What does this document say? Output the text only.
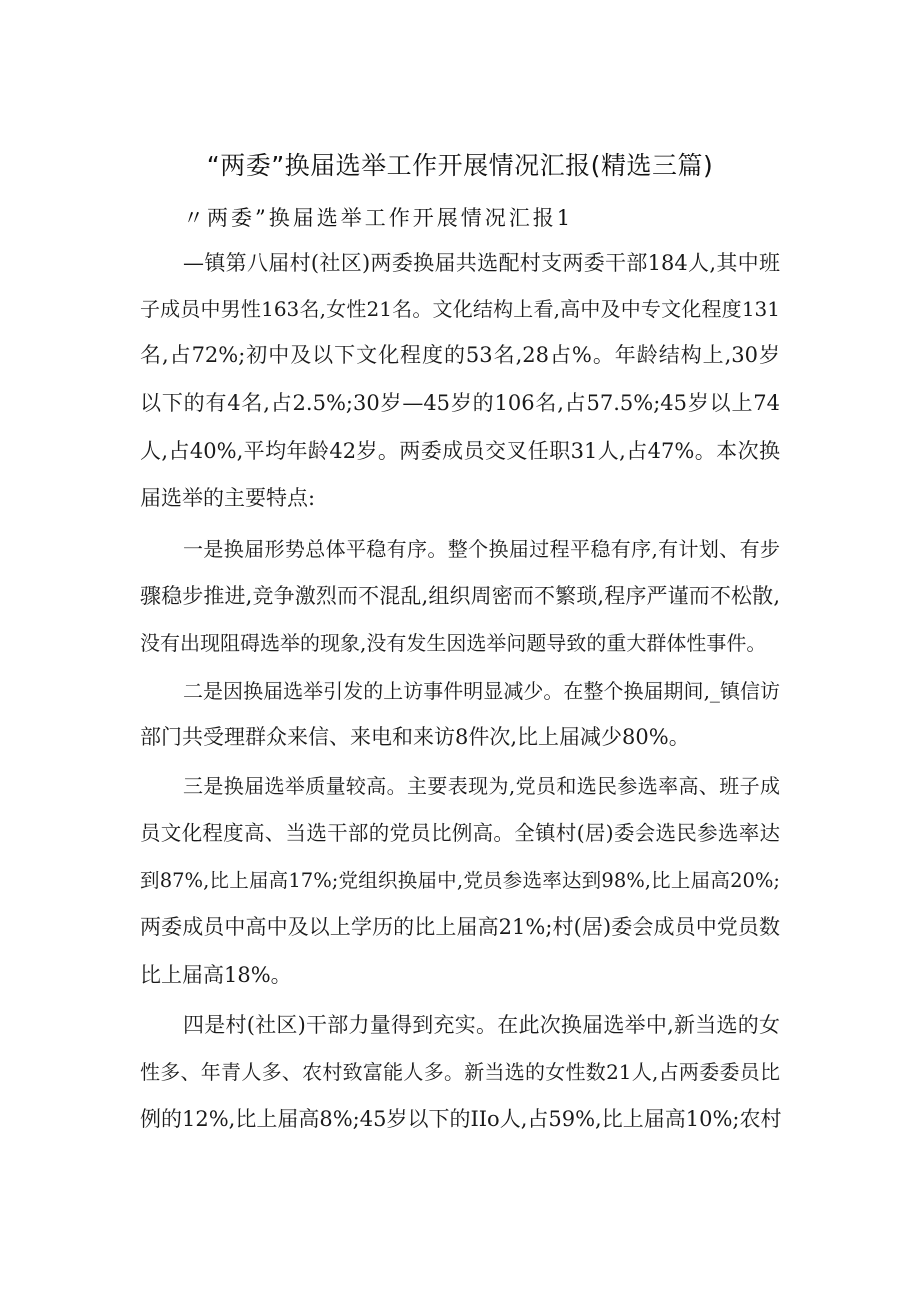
“两委”换届选举工作开展情况汇报(精选三篇)
〃两委”换届选举工作开展情况汇报1
—镇第八届村(社区)两委换届共选配村支两委干部184人,其中班
子成员中男性163名,女性21名。文化结构上看,高中及中专文化程度131
名,占72%;初中及以下文化程度的53名,28占%。年龄结构上,30岁
以下的有4名,占2.5%;30岁—45岁的106名,占57.5%;45岁以上74
人,占40%,平均年龄42岁。两委成员交叉任职31人,占47%。本次换
届选举的主要特点:
一是换届形势总体平稳有序。整个换届过程平稳有序,有计划、有步
骤稳步推进,竞争激烈而不混乱,组织周密而不繁琐,程序严谨而不松散,
没有出现阻碍选举的现象,没有发生因选举问题导致的重大群体性事件。
二是因换届选举引发的上访事件明显减少。在整个换届期间,_镇信访
部门共受理群众来信、来电和来访8件次,比上届减少80%。
三是换届选举质量较高。主要表现为,党员和选民参选率高、班子成
员文化程度高、当选干部的党员比例高。全镇村(居)委会选民参选率达
到87%,比上届高17%;党组织换届中,党员参选率达到98%,比上届高20%;
两委成员中高中及以上学历的比上届高21%;村(居)委会成员中党员数
比上届高18%。
四是村(社区)干部力量得到充实。在此次换届选举中,新当选的女
性多、年青人多、农村致富能人多。新当选的女性数21人,占两委委员比
例的12%,比上届高8%;45岁以下的IIo人,占59%,比上届高10%;农村
